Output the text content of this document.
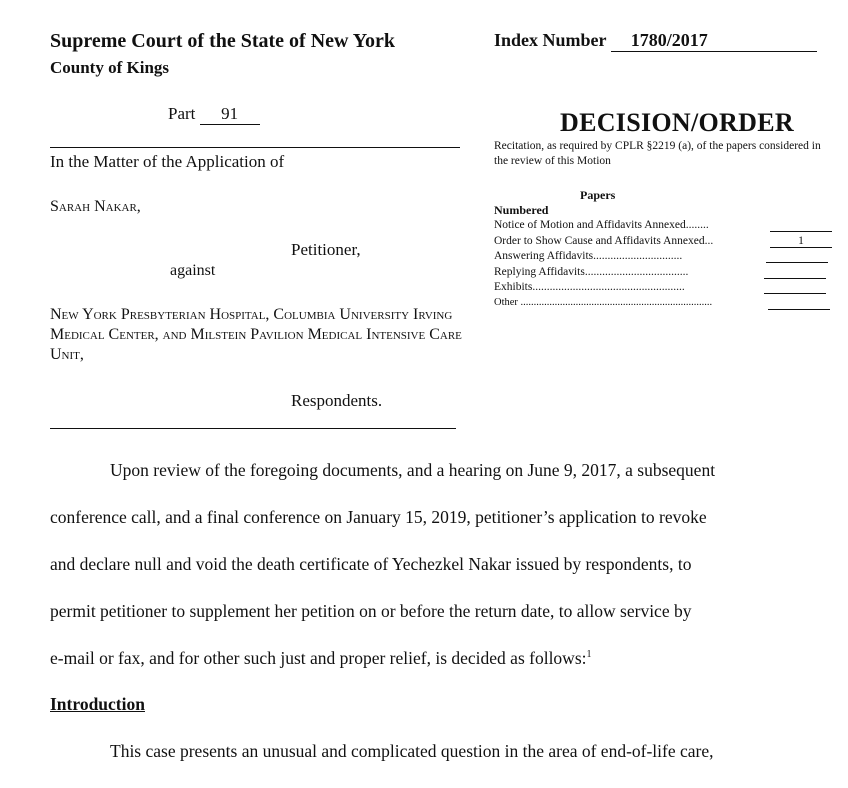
Supreme Court of the State of New York
County of Kings
Part 91
Index Number 1780/2017
In the Matter of the Application of
Sarah Nakar,
Petitioner,
against
New York Presbyterian Hospital, Columbia University Irving Medical Center, and Milstein Pavilion Medical Intensive Care Unit,
Respondents.
DECISION/ORDER
Recitation, as required by CPLR §2219 (a), of the papers considered in the review of this Motion
Papers
Numbered
Notice of Motion and Affidavits Annexed........
Order to Show Cause and Affidavits Annexed...	1
Answering Affidavits...............................
Replying Affidavits....................................
Exhibits.....................................................
Other .........................................................................
Upon review of the foregoing documents, and a hearing on June 9, 2017, a subsequent
conference call, and a final conference on January 15, 2019, petitioner’s application to revoke
and declare null and void the death certificate of Yechezkel Nakar issued by respondents, to
permit petitioner to supplement her petition on or before the return date, to allow service by
e-mail or fax, and for other such just and proper relief, is decided as follows:$^1$
Introduction
This case presents an unusual and complicated question in the area of end-of-life care,
